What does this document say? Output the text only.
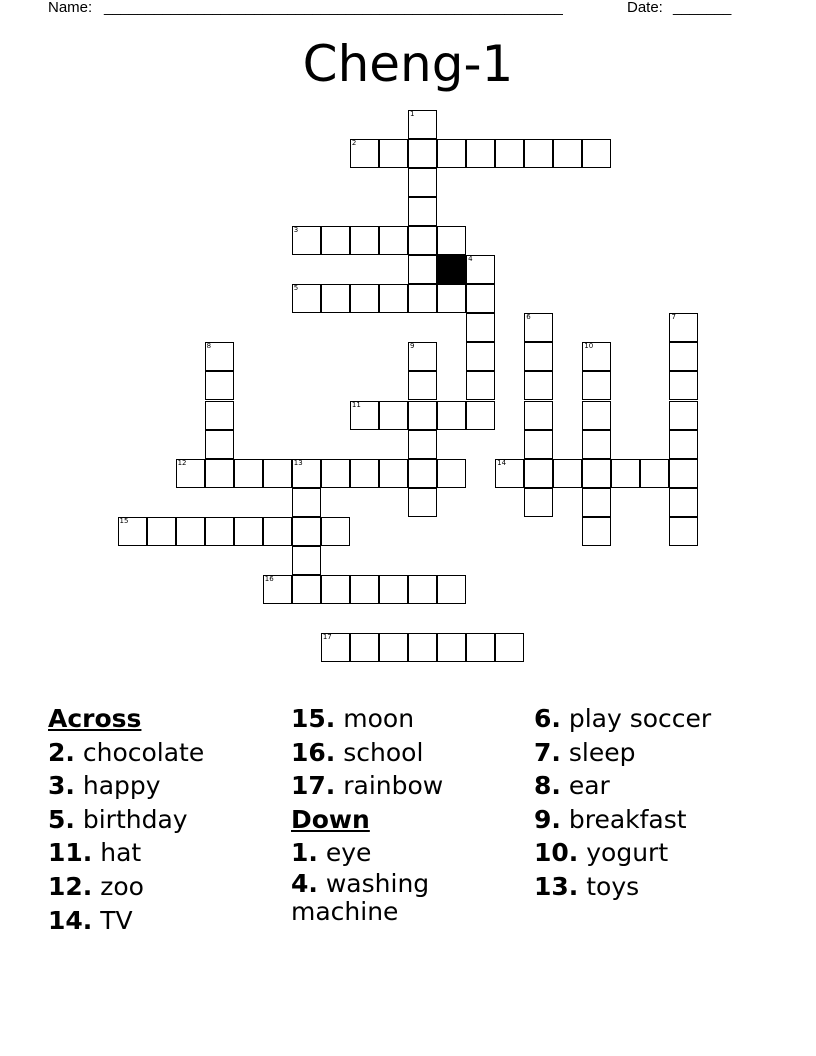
Name: _______________________________________________________	Date: _______
Cheng-1
1
2
3
4
5
6	7
8	9	10
11
12	13	14
15
16
17

Across

2. chocolate

3. happy

5. birthday

11. hat

12. zoo

14. TV

15. moon

16. school

17. rainbow

Down

1. eye

4. washing machine

6. play soccer

7. sleep

8. ear

9. breakfast

10. yogurt

13. toys
